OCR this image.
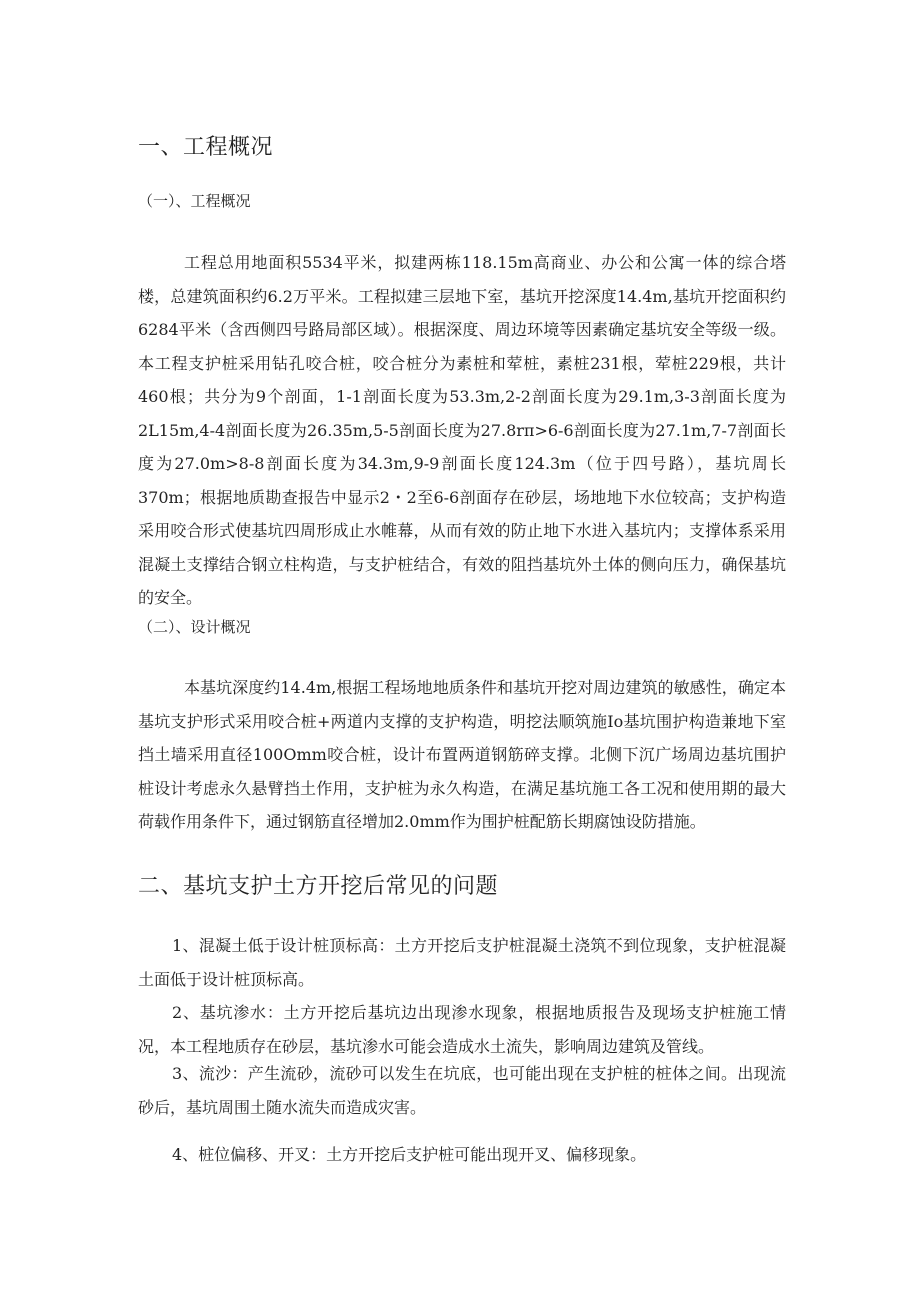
一、工程概况
（一）、工程概况

工程总用地面积5534平米，拟建两栋118.15m高商业、办公和公寓一体的综合塔楼，总建筑面积约6.2万平米。工程拟建三层地下室，基坑开挖深度14.4m,基坑开挖面积约6284平米（含西侧四号路局部区域）。根据深度、周边环境等因素确定基坑安全等级一级。本工程支护桩采用钻孔咬合桩，咬合桩分为素桩和荤桩，素桩231根，荤桩229根，共计460根；共分为9个剖面，1-1剖面长度为53.3m,2-2剖面长度为29.1m,3-3剖面长度为2L15m,4-4剖面长度为26.35m,5-5剖面长度为27.8rπ>6-6剖面长度为27.1m,7-7剖面长度为27.0m>8-8剖面长度为34.3m,9-9剖面长度124.3m（位于四号路），基坑周长370m；根据地质勘查报告中显示2・2至6-6剖面存在砂层，场地地下水位较高；支护构造采用咬合形式使基坑四周形成止水帷幕，从而有效的防止地下水进入基坑内；支撑体系采用混凝土支撑结合钢立柱构造，与支护桩结合，有效的阻挡基坑外土体的侧向压力，确保基坑的安全。

（二）、设计概况

本基坑深度约14.4m,根据工程场地地质条件和基坑开挖对周边建筑的敏感性，确定本基坑支护形式采用咬合桩+两道内支撑的支护构造，明挖法顺筑施Io基坑围护构造兼地下室挡土墙采用直径100Omm咬合桩，设计布置两道钢筋碎支撑。北侧下沉广场周边基坑围护桩设计考虑永久悬臂挡土作用，支护桩为永久构造，在满足基坑施工各工况和使用期的最大荷载作用条件下，通过钢筋直径增加2.0mm作为围护桩配筋长期腐蚀设防措施。

二、基坑支护土方开挖后常见的问题

1、混凝土低于设计桩顶标高：土方开挖后支护桩混凝土浇筑不到位现象，支护桩混凝土面低于设计桩顶标高。

2、基坑渗水：土方开挖后基坑边出现渗水现象，根据地质报告及现场支护桩施工情况，本工程地质存在砂层，基坑渗水可能会造成水土流失，影响周边建筑及管线。

3、流沙：产生流砂，流砂可以发生在坑底，也可能出现在支护桩的桩体之间。出现流砂后，基坑周围土随水流失而造成灾害。

4、桩位偏移、开叉：土方开挖后支护桩可能出现开叉、偏移现象。
